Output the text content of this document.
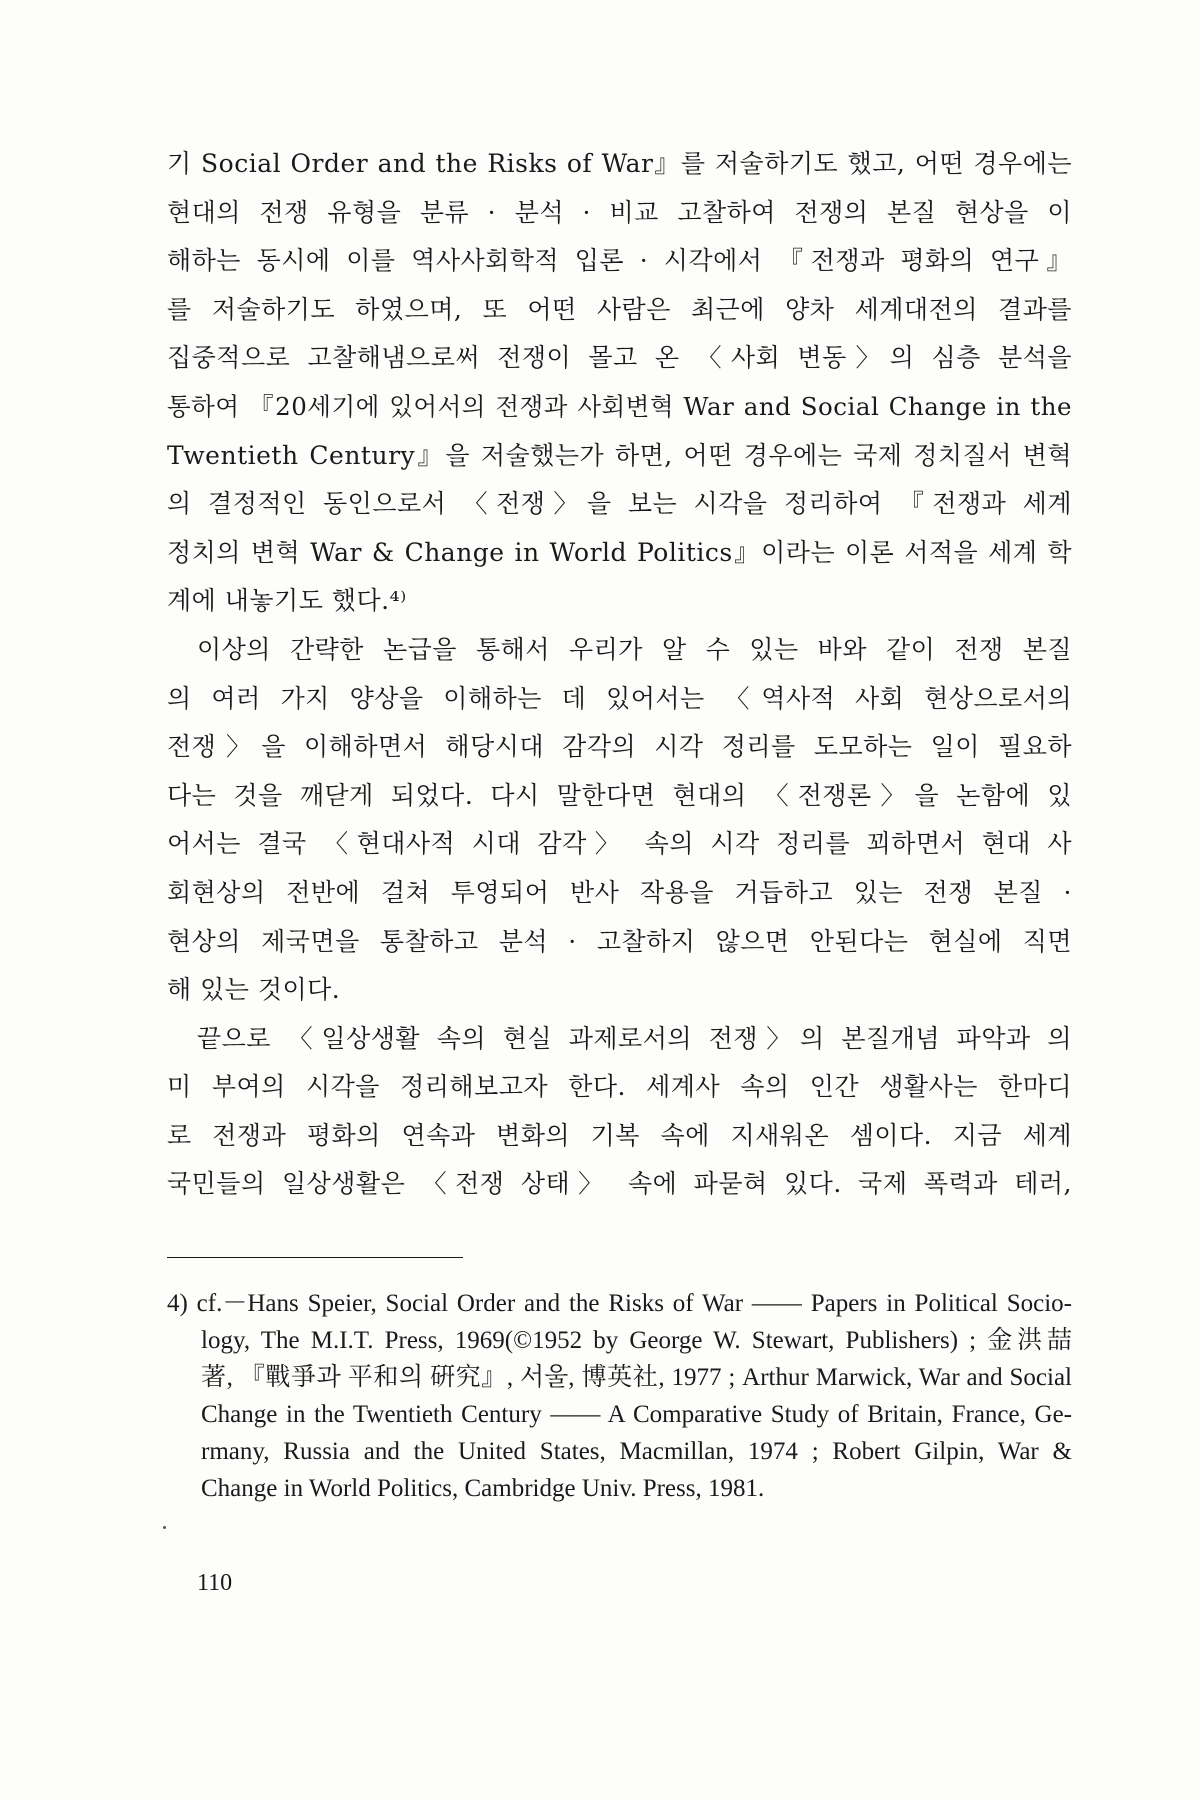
기 Social Order and the Risks of War』를 저술하기도 했고, 어떤 경우에는
현대의 전쟁 유형을 분류 · 분석 · 비교 고찰하여 전쟁의 본질 현상을 이
해하는 동시에 이를 역사사회학적 입론 · 시각에서 『전쟁과 평화의 연구』
를 저술하기도 하였으며, 또 어떤 사람은 최근에 양차 세계대전의 결과를
집중적으로 고찰해냄으로써 전쟁이 몰고 온 〈사회 변동〉의 심층 분석을
통하여 『20세기에 있어서의 전쟁과 사회변혁 War and Social Change in the
Twentieth Century』을 저술했는가 하면, 어떤 경우에는 국제 정치질서 변혁
의 결정적인 동인으로서 〈전쟁〉을 보는 시각을 정리하여 『전쟁과 세계
정치의 변혁 War & Change in World Politics』이라는 이론 서적을 세계 학
계에 내놓기도 했다.⁴⁾
이상의 간략한 논급을 통해서 우리가 알 수 있는 바와 같이 전쟁 본질
의 여러 가지 양상을 이해하는 데 있어서는 〈역사적 사회 현상으로서의
전쟁〉을 이해하면서 해당시대 감각의 시각 정리를 도모하는 일이 필요하
다는 것을 깨닫게 되었다. 다시 말한다면 현대의 〈전쟁론〉을 논함에 있
어서는 결국 〈현대사적 시대 감각〉 속의 시각 정리를 꾀하면서 현대 사
회현상의 전반에 걸쳐 투영되어 반사 작용을 거듭하고 있는 전쟁 본질 ·
현상의 제국면을 통찰하고 분석 · 고찰하지 않으면 안된다는 현실에 직면
해 있는 것이다.
끝으로 〈일상생활 속의 현실 과제로서의 전쟁〉의 본질개념 파악과 의
미 부여의 시각을 정리해보고자 한다. 세계사 속의 인간 생활사는 한마디
로 전쟁과 평화의 연속과 변화의 기복 속에 지새워온 셈이다. 지금 세계
국민들의 일상생활은 〈전쟁 상태〉 속에 파묻혀 있다. 국제 폭력과 테러,
4) cf.－Hans Speier, Social Order and the Risks of War —— Papers in Political Socio-
logy, The M.I.T. Press, 1969(©1952 by George W. Stewart, Publishers) ; 金洪喆
著, 『戰爭과 平和의 硏究』, 서울, 博英社, 1977 ; Arthur Marwick, War and Social
Change in the Twentieth Century —— A Comparative Study of Britain, France, Ge-
rmany, Russia and the United States, Macmillan, 1974 ; Robert Gilpin, War &
Change in World Politics, Cambridge Univ. Press, 1981.
110
